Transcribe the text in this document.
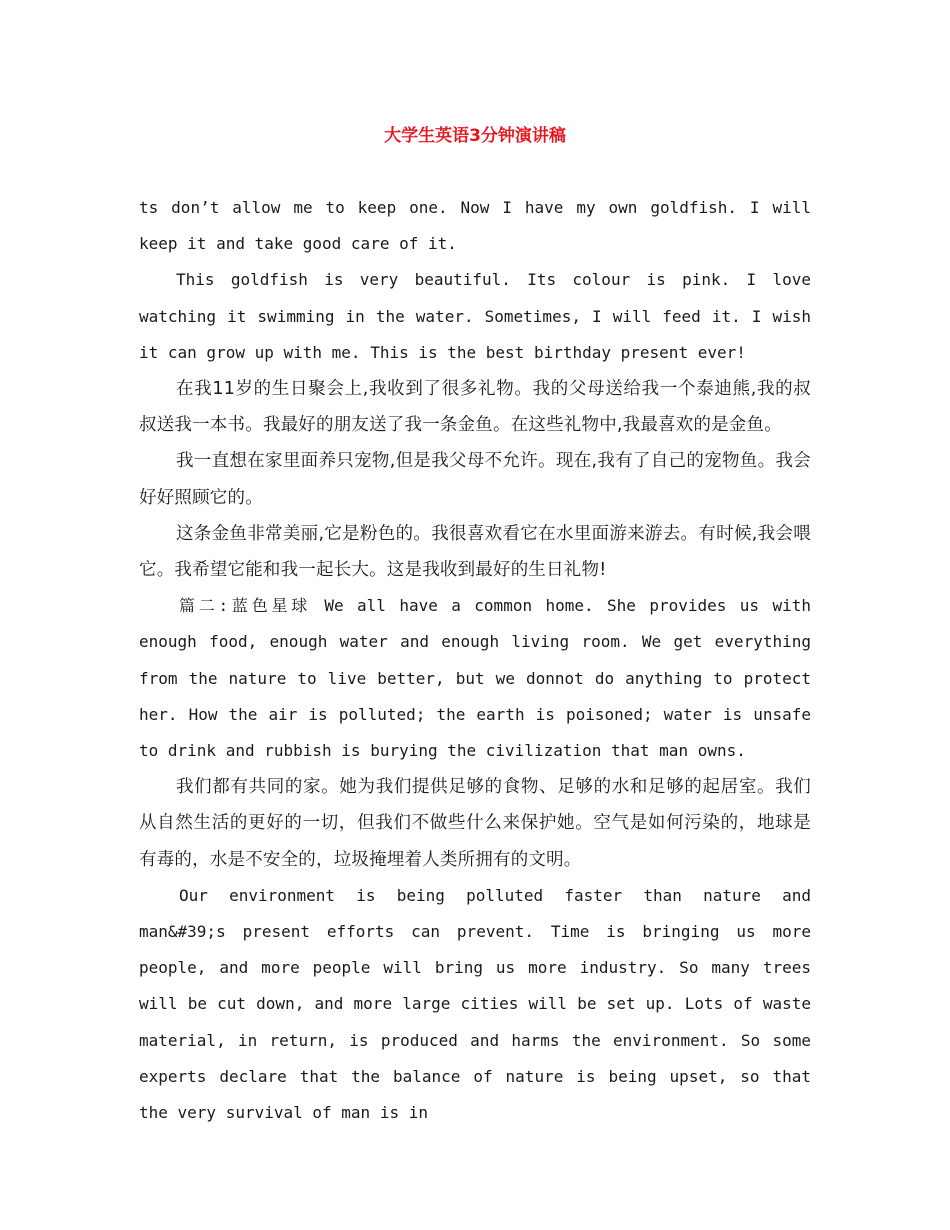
大学生英语3分钟演讲稿

ts don’t allow me to keep one. Now I have my own goldfish. I will keep it and take good care of it.

This goldfish is very beautiful. Its colour is pink. I love watching it swimming in the water. Sometimes, I will feed it. I wish it can grow up with me. This is the best birthday present ever!

在我11岁的生日聚会上,我收到了很多礼物。我的父母送给我一个泰迪熊,我的叔叔送我一本书。我最好的朋友送了我一条金鱼。在这些礼物中,我最喜欢的是金鱼。

我一直想在家里面养只宠物,但是我父母不允许。现在,我有了自己的宠物鱼。我会好好照顾它的。

这条金鱼非常美丽,它是粉色的。我很喜欢看它在水里面游来游去。有时候,我会喂它。我希望它能和我一起长大。这是我收到最好的生日礼物!

篇二:蓝色星球 We all have a common home. She provides us with enough food, enough water and enough living room. We get everything from the nature to live better, but we donnot do anything to protect her. How the air is polluted; the earth is poisoned; water is unsafe to drink and rubbish is burying the civilization that man owns.

我们都有共同的家。她为我们提供足够的食物、足够的水和足够的起居室。我们从自然生活的更好的一切，但我们不做些什么来保护她。空气是如何污染的，地球是有毒的，水是不安全的，垃圾掩埋着人类所拥有的文明。

Our environment is being polluted faster than nature and man&#39;s present efforts can prevent. Time is bringing us more people, and more people will bring us more industry. So many trees will be cut down, and more large cities will be set up. Lots of waste material, in return, is produced and harms the environment. So some experts declare that the balance of nature is being upset, so that the very survival of man is in
